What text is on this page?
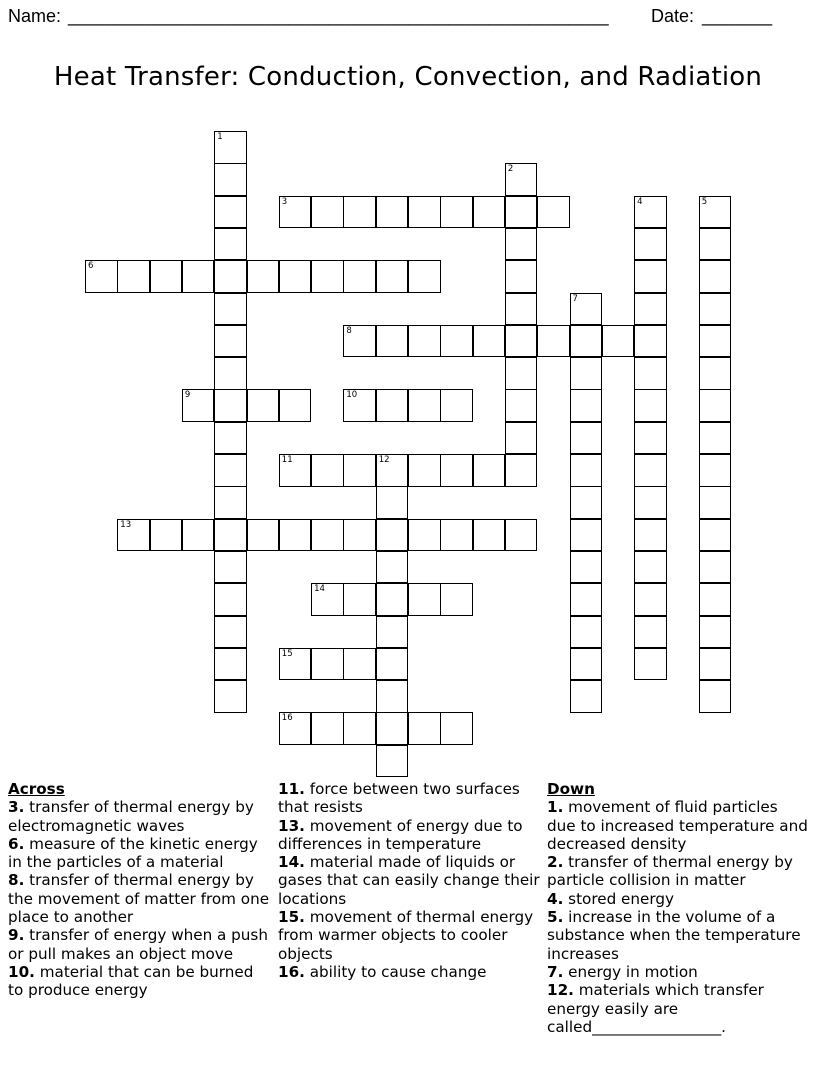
Name: ______________________________________________________ Date: _______
Heat Transfer: Conduction, Convection, and Radiation
1
2
3	4	5
6
7
8
9	10
11	12
13
14
15
16
Across
3. transfer of thermal energy by electromagnetic waves
6. measure of the kinetic energy in the particles of a material
8. transfer of thermal energy by the movement of matter from one place to another
9. transfer of energy when a push or pull makes an object move
10. material that can be burned to produce energy
11. force between two surfaces that resists
13. movement of energy due to differences in temperature
14. material made of liquids or gases that can easily change their locations
15. movement of thermal energy from warmer objects to cooler objects
16. ability to cause change
Down
1. movement of fluid particles due to increased temperature and decreased density
2. transfer of thermal energy by particle collision in matter
4. stored energy
5. increase in the volume of a substance when the temperature increases
7. energy in motion
12. materials which transfer energy easily are called_________________.
